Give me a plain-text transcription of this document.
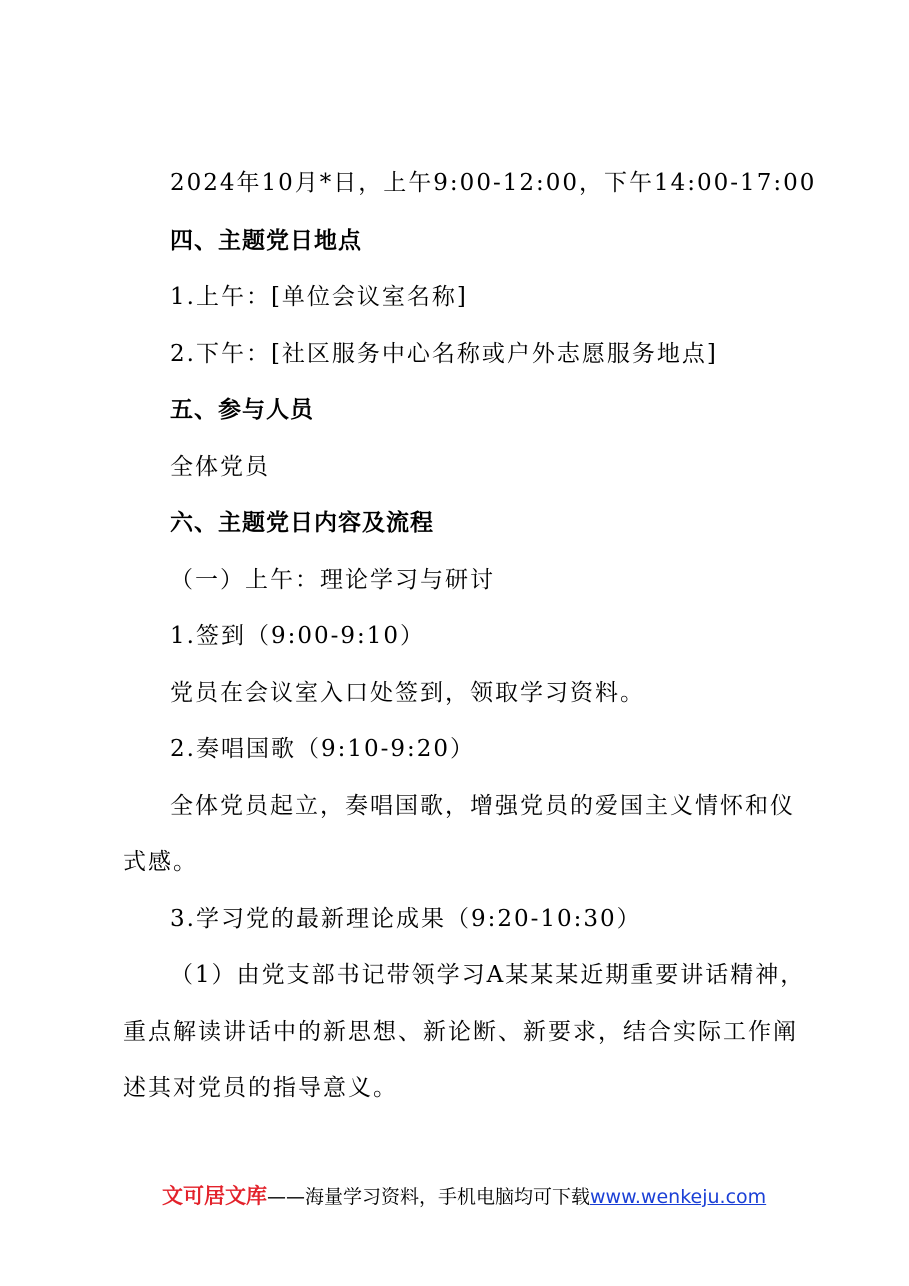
2024年10月*日，上午9:00-12:00，下午14:00-17:00
四、主题党日地点
1.上午：[单位会议室名称]
2.下午：[社区服务中心名称或户外志愿服务地点]
五、参与人员
全体党员
六、主题党日内容及流程
（一）上午：理论学习与研讨
1.签到（9:00-9:10）
党员在会议室入口处签到，领取学习资料。
2.奏唱国歌（9:10-9:20）
全体党员起立，奏唱国歌，增强党员的爱国主义情怀和仪
式感。
3.学习党的最新理论成果（9:20-10:30）
（1）由党支部书记带领学习A某某某近期重要讲话精神，
重点解读讲话中的新思想、新论断、新要求，结合实际工作阐
述其对党员的指导意义。
文可居文库——海量学习资料，手机电脑均可下载www.wenkeju.com
